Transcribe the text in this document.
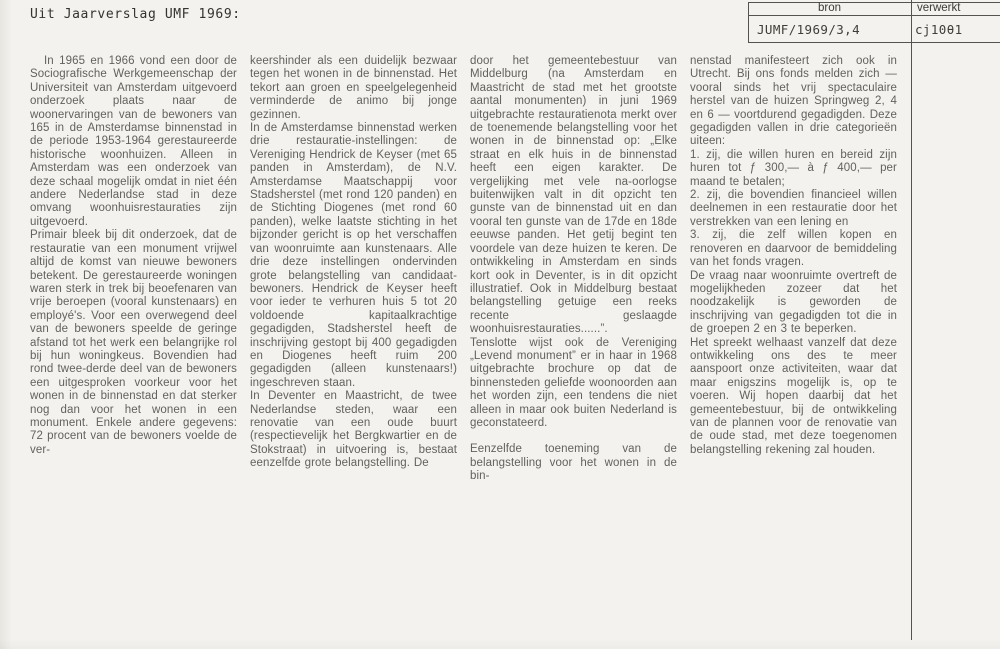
Uit Jaarverslag UMF 1969:	bron	verwerkt
JUMF/1969/3,4	cj10θ1

In 1965 en 1966 vond een door de Sociografische Werkgemeenschap der Universiteit van Amsterdam uitgevoerd onderzoek plaats naar de woonervaringen van de bewoners van 165 in de Amsterdamse binnenstad in de periode 1953-1964 gerestaureerde historische woonhuizen. Alleen in Amsterdam was een onderzoek van deze schaal mogelijk omdat in niet één andere Nederlandse stad in deze omvang woonhuisrestauraties zijn uitgevoerd.

Primair bleek bij dit onderzoek, dat de restauratie van een monument vrijwel altijd de komst van nieuwe bewoners betekent. De gerestaureerde woningen waren sterk in trek bij beoefenaren van vrije beroepen (vooral kunstenaars) en employé's. Voor een overwegend deel van de bewoners speelde de geringe afstand tot het werk een belangrijke rol bij hun woningkeus. Bovendien had rond twee-derde deel van de bewoners een uitgesproken voorkeur voor het wonen in de binnenstad en dat sterker nog dan voor het wonen in een monument. Enkele andere gegevens: 72 procent van de bewoners voelde de ver-

keershinder als een duidelijk bezwaar tegen het wonen in de binnenstad. Het tekort aan groen en speelgelegenheid verminderde de animo bij jonge gezinnen.

In de Amsterdamse binnenstad werken drie restauratie-instellingen: de Vereniging Hendrick de Keyser (met 65 panden in Amsterdam), de N.V. Amsterdamse Maatschappij voor Stadsherstel (met rond 120 panden) en de Stichting Diogenes (met rond 60 panden), welke laatste stichting in het bijzonder gericht is op het verschaffen van woonruimte aan kunstenaars. Alle drie deze instellingen ondervinden grote belangstelling van candidaat-bewoners. Hendrick de Keyser heeft voor ieder te verhuren huis 5 tot 20 voldoende kapitaalkrachtige gegadigden, Stadsherstel heeft de inschrijving gestopt bij 400 gegadigden en Diogenes heeft ruim 200 gegadigden (alleen kunstenaars!) ingeschreven staan.

In Deventer en Maastricht, de twee Nederlandse steden, waar een renovatie van een oude buurt (respectievelijk het Bergkwartier en de Stokstraat) in uitvoering is, bestaat eenzelfde grote belangstelling. De

door het gemeentebestuur van Middelburg (na Amsterdam en Maastricht de stad met het grootste aantal monumenten) in juni 1969 uitgebrachte restauratienota merkt over de toenemende belangstelling voor het wonen in de binnenstad op: „Elke straat en elk huis in de binnenstad heeft een eigen karakter. De vergelijking met vele na-oorlogse buitenwijken valt in dit opzicht ten gunste van de binnenstad uit en dan vooral ten gunste van de 17de en 18de eeuwse panden. Het getij begint ten voordele van deze huizen te keren. De ontwikkeling in Amsterdam en sinds kort ook in Deventer, is in dit opzicht illustratief. Ook in Middelburg bestaat belangstelling getuige een reeks recente geslaagde woonhuisrestauraties......”.

Tenslotte wijst ook de Vereniging „Levend monument” er in haar in 1968 uitgebrachte brochure op dat de binnensteden geliefde woonoorden aan het worden zijn, een tendens die niet alleen in maar ook buiten Nederland is geconstateerd.

Eenzelfde toeneming van de belangstelling voor het wonen in de bin-

nenstad manifesteert zich ook in Utrecht. Bij ons fonds melden zich — vooral sinds het vrij spectaculaire herstel van de huizen Springweg 2, 4 en 6 — voortdurend gegadigden. Deze gegadigden vallen in drie categorieën uiteen:

1. zij, die willen huren en bereid zijn huren tot ƒ 300,— à ƒ 400,— per maand te betalen;

2. zij, die bovendien financieel willen deelnemen in een restauratie door het verstrekken van een lening en

3. zij, die zelf willen kopen en renoveren en daarvoor de bemiddeling van het fonds vragen.

De vraag naar woonruimte overtreft de mogelijkheden zozeer dat het noodzakelijk is geworden de inschrijving van gegadigden tot die in de groepen 2 en 3 te beperken.

Het spreekt welhaast vanzelf dat deze ontwikkeling ons des te meer aanspoort onze activiteiten, waar dat maar enigszins mogelijk is, op te voeren. Wij hopen daarbij dat het gemeentebestuur, bij de ontwikkeling van de plannen voor de renovatie van de oude stad, met deze toegenomen belangstelling rekening zal houden.
